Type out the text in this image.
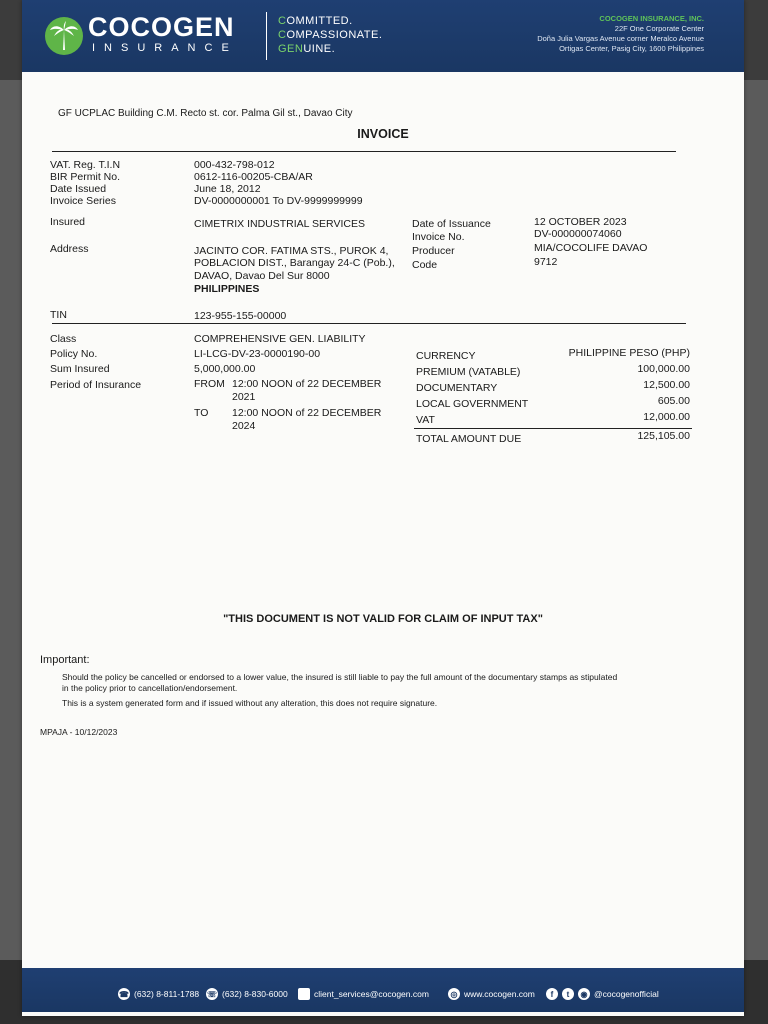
COCOGEN
INSURANCE
COMMITTED.
COMPASSIONATE.
GENUINE.
COCOGEN INSURANCE, INC.
22F One Corporate Center
Doña Julia Vargas Avenue corner Meralco Avenue
Ortigas Center, Pasig City, 1600 Philippines
GF UCPLAC Building C.M. Recto st. cor. Palma Gil st., Davao City
INVOICE
VAT. Reg. T.I.N	000-432-798-012
BIR Permit No.	0612-116-00205-CBA/AR
Date Issued	June 18, 2012
Invoice Series	DV-0000000001 To DV-9999999999
Insured	CIMETRIX INDUSTRIAL SERVICES
Address	JACINTO COR. FATIMA STS., PUROK 4,
POBLACION DIST., Barangay 24-C (Pob.),
DAVAO, Davao Del Sur 8000
PHILIPPINES
Date of Issuance	12 OCTOBER 2023
Invoice No.	DV-000000074060
Producer	MIA/COCOLIFE DAVAO
Code	9712
TIN	123-955-155-00000
Class	COMPREHENSIVE GEN. LIABILITY
Policy No.	LI-LCG-DV-23-0000190-00
Sum Insured	5,000,000.00
Period of Insurance	FROM 12:00 NOON of 22 DECEMBER
2021
TO 12:00 NOON of 22 DECEMBER
2024
CURRENCY	PHILIPPINE PESO (PHP)
PREMIUM (VATABLE)	100,000.00
DOCUMENTARY	12,500.00
LOCAL GOVERNMENT	605.00
VAT	12,000.00
TOTAL AMOUNT DUE	125,105.00
"THIS DOCUMENT IS NOT VALID FOR CLAIM OF INPUT TAX"
Important:
Should the policy be cancelled or endorsed to a lower value, the insured is still liable to pay the full amount of the documentary stamps as stipulated
in the policy prior to cancellation/endorsement.
This is a system generated form and if issued without any alteration, this does not require signature.
MPAJA - 10/12/2023
☎ (632) 8-811-1788 ☏ (632) 8-830-6000	client_services@cocogen.com	◎ www.cocogen.com	f	t	◉ @cocogenofficial
